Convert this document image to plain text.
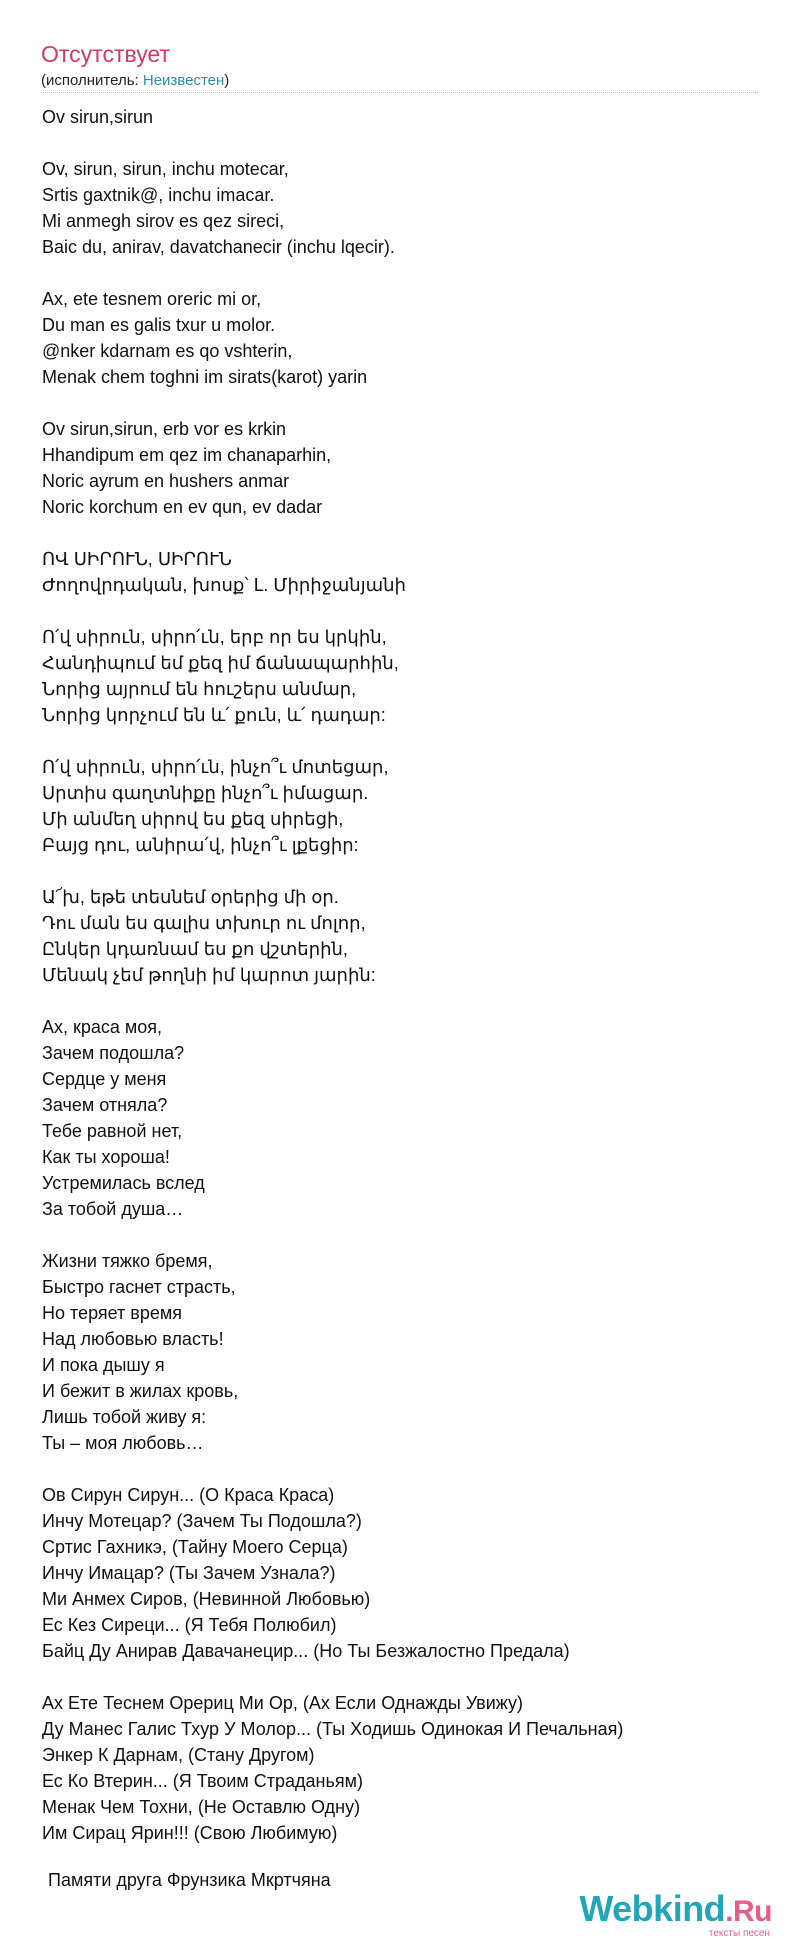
Отсутствует
(исполнитель: Неизвестен)
Ov sirun,sirun
Ov, sirun, sirun, inchu motecar,
Srtis gaxtnik@, inchu imacar.
Mi anmegh sirov es qez sireci,
Baic du, anirav, davatchanecir (inchu lqecir).
Ax, ete tesnem oreric mi or,
Du man es galis txur u molor.
@nker kdarnam es qo vshterin,
Menak chem toghni im sirats(karot) yarin
Ov sirun,sirun, erb vor es krkin
Hhandipum em qez im chanaparhin,
Noric ayrum en hushers anmar
Noric korchum en ev qun, ev dadar
ՈՎ ՍԻՐՈՒՆ, ՍԻՐՈՒՆ
Ժողովրդական, խոսք՝ Լ. Միրիջանյանի
Ո՛վ սիրուն, սիրո՛ւն, երբ որ ես կրկին,
Հանդիպում եմ քեզ իմ ճանապարհին,
Նորից այրում են հուշերս անմար,
Նորից կորչում են և՛ քուն, և՛ դադար:
Ո՛վ սիրուն, սիրո՛ւն, ինչո՞ւ մոտեցար,
Սրտիս գաղտնիքը ինչո՞ւ իմացար.
Մի անմեղ սիրով ես քեզ սիրեցի,
Բայց դու, անիրա՛վ, ինչո՞ւ լքեցիր:
Ա՜խ, եթե տեսնեմ օրերից մի օր.
Դու ման ես գալիս տխուր ու մոլոր,
Ընկեր կդառնամ ես քո վշտերին,
Մենակ չեմ թողնի իմ կարոտ յարին:
Ах, краса моя,
Зачем подошла?
Сердце у меня
Зачем отняла?
Тебе равной нет,
Как ты хороша!
Устремилась вслед
За тобой душа…
Жизни тяжко бремя,
Быстро гаснет страсть,
Но теряет время
Над любовью власть!
И пока дышу я
И бежит в жилах кровь,
Лишь тобой живу я:
Ты – моя любовь…
Ов Сирун Сирун... (О Краса Краса)
Инчу Мотецар? (Зачем Ты Подошла?)
Сртис Гахникэ, (Тайну Моего Серца)
Инчу Имацар? (Ты Зачем Узнала?)
Ми Анмех Сиров, (Невинной Любовью)
Ес Кез Сиреци... (Я Тебя Полюбил)
Байц Ду Анирав Давачанецир... (Но Ты Безжалостно Предала)
Ах Ете Теснем Орериц Ми Ор, (Ах Если Однажды Увижу)
Ду Манес Галис Тхур У Молор... (Ты Ходишь Одинокая И Печальная)
Энкер К Дарнам, (Стану Другом)
Ес Ко Втерин... (Я Твоим Страданьям)
Менак Чем Тохни, (Не Оставлю Одну)
Им Сирац Ярин!!! (Свою Любимую)
Памяти друга Фрунзика Мкртчяна
Webkind.Ru
тексты песен
